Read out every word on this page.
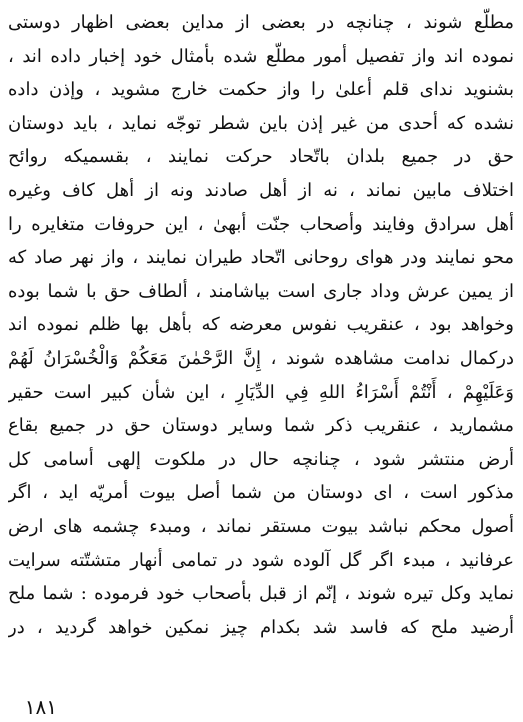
مطلّع شوند ، چنانچه در بعضی از مداین بعضی اظهار دوستی
نموده اند واز تفصیل أمور مطلّع شده بأمثال خود إخبار داده اند ،
بشنوید ندای قلم أعلیٰ را واز حکمت خارج مشوید ، وإذن داده
نشده که أحدی من غیر إذن باین شطر توجّه نماید ، باید دوستان
حق در جمیع بلدان باتّحاد حرکت نمایند ، بقسمیکه روائح
اختلاف مابین نماند ، نه از أهل صادند ونه از أهل کاف وغیره
أهل سرادق وفایند وأصحاب جنّت أبهیٰ ، این حروفات متغایره را
محو نمایند ودر هوای روحانی اتّحاد طیران نمایند ، واز نهر صاد که
از یمین عرش وداد جاری است بیاشامند ، ألطاف حق با شما بوده
وخواهد بود ، عنقریب نفوس معرضه که بأهل بها ظلم نموده اند
درکمال ندامت مشاهده شوند ، إِنَّ الرَّحْمٰنَ مَعَكُمْ وَالْخُسْرَانُ لَهُمْ
وَعَلَيْهِمْ ، أَنْتُمْ أَسْرَاءُ اللهِ فِي الدِّيَارِ ، این شأن کبیر است حقیر
مشمارید ، عنقریب ذکر شما وسایر دوستان حق در جمیع بقاع
أرض منتشر شود ، چنانچه حال در ملکوت إلهی أسامی کل
مذکور است ، ای دوستان من شما أصل بیوت أمریّه اید ، اگر
أصول محکم نباشد بیوت مستقر نماند ، ومبدء چشمه های ارض
عرفانید ، مبدء اگر گل آلوده شود در تمامی أنهار متشتّته سرایت
نماید وکل تیره شوند ، إنّم از قبل بأصحاب خود فرموده : شما ملح
أرضید ملح که فاسد شد بکدام چیز نمکین خواهد گردید ، در
۱۸۱
